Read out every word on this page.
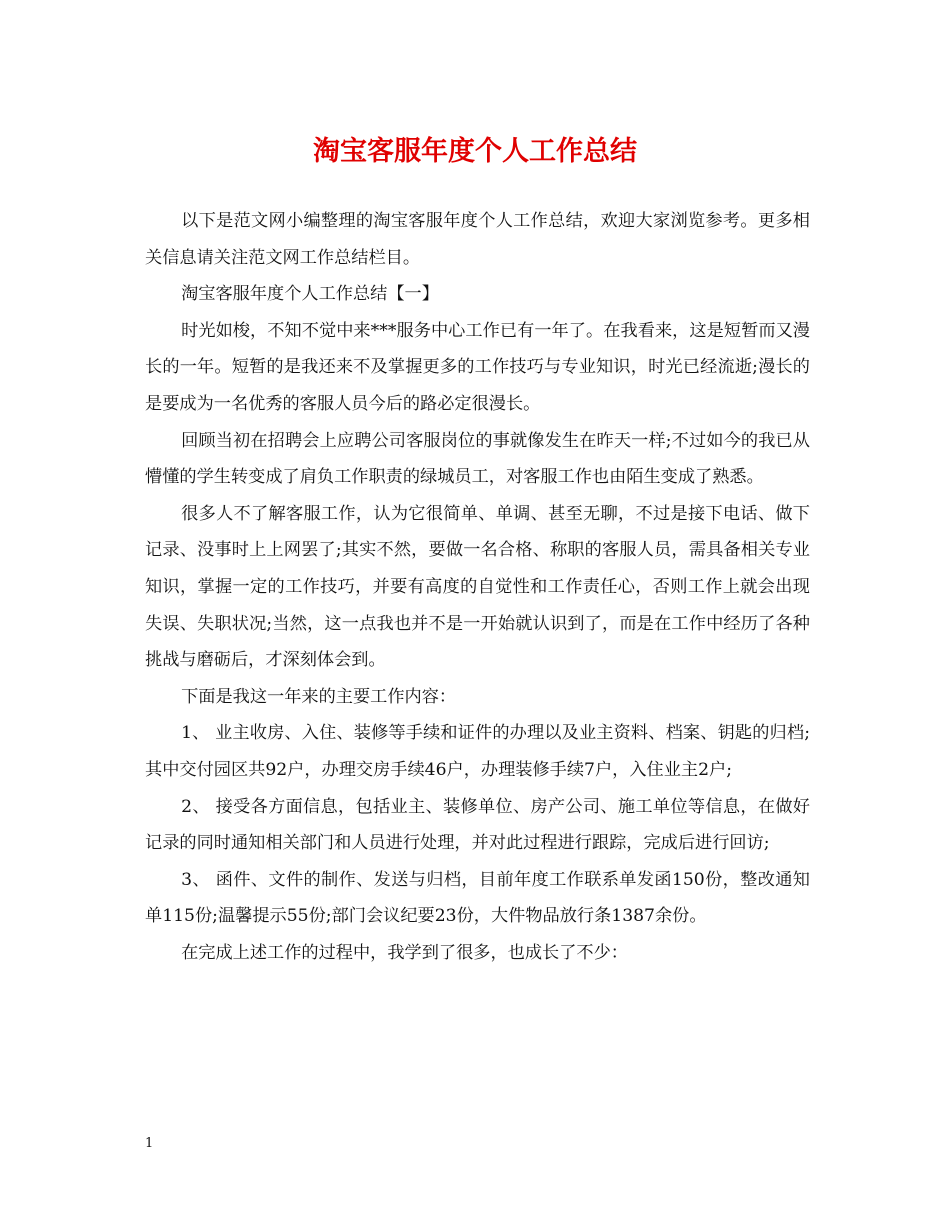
淘宝客服年度个人工作总结

以下是范文网小编整理的淘宝客服年度个人工作总结，欢迎大家浏览参考。更多相关信息请关注范文网工作总结栏目。

淘宝客服年度个人工作总结【一】

时光如梭，不知不觉中来***服务中心工作已有一年了。在我看来，这是短暂而又漫长的一年。短暂的是我还来不及掌握更多的工作技巧与专业知识，时光已经流逝;漫长的是要成为一名优秀的客服人员今后的路必定很漫长。

回顾当初在招聘会上应聘公司客服岗位的事就像发生在昨天一样;不过如今的我已从懵懂的学生转变成了肩负工作职责的绿城员工，对客服工作也由陌生变成了熟悉。

很多人不了解客服工作，认为它很简单、单调、甚至无聊，不过是接下电话、做下记录、没事时上上网罢了;其实不然，要做一名合格、称职的客服人员，需具备相关专业知识，掌握一定的工作技巧，并要有高度的自觉性和工作责任心，否则工作上就会出现失误、失职状况;当然，这一点我也并不是一开始就认识到了，而是在工作中经历了各种挑战与磨砺后，才深刻体会到。

下面是我这一年来的主要工作内容：

1、 业主收房、入住、装修等手续和证件的办理以及业主资料、档案、钥匙的归档;其中交付园区共92户，办理交房手续46户，办理装修手续7户，入住业主2户;

2、 接受各方面信息，包括业主、装修单位、房产公司、施工单位等信息，在做好记录的同时通知相关部门和人员进行处理，并对此过程进行跟踪，完成后进行回访;

3、 函件、文件的制作、发送与归档，目前年度工作联系单发函150份，整改通知单115份;温馨提示55份;部门会议纪要23份，大件物品放行条1387余份。

在完成上述工作的过程中，我学到了很多，也成长了不少：

1
